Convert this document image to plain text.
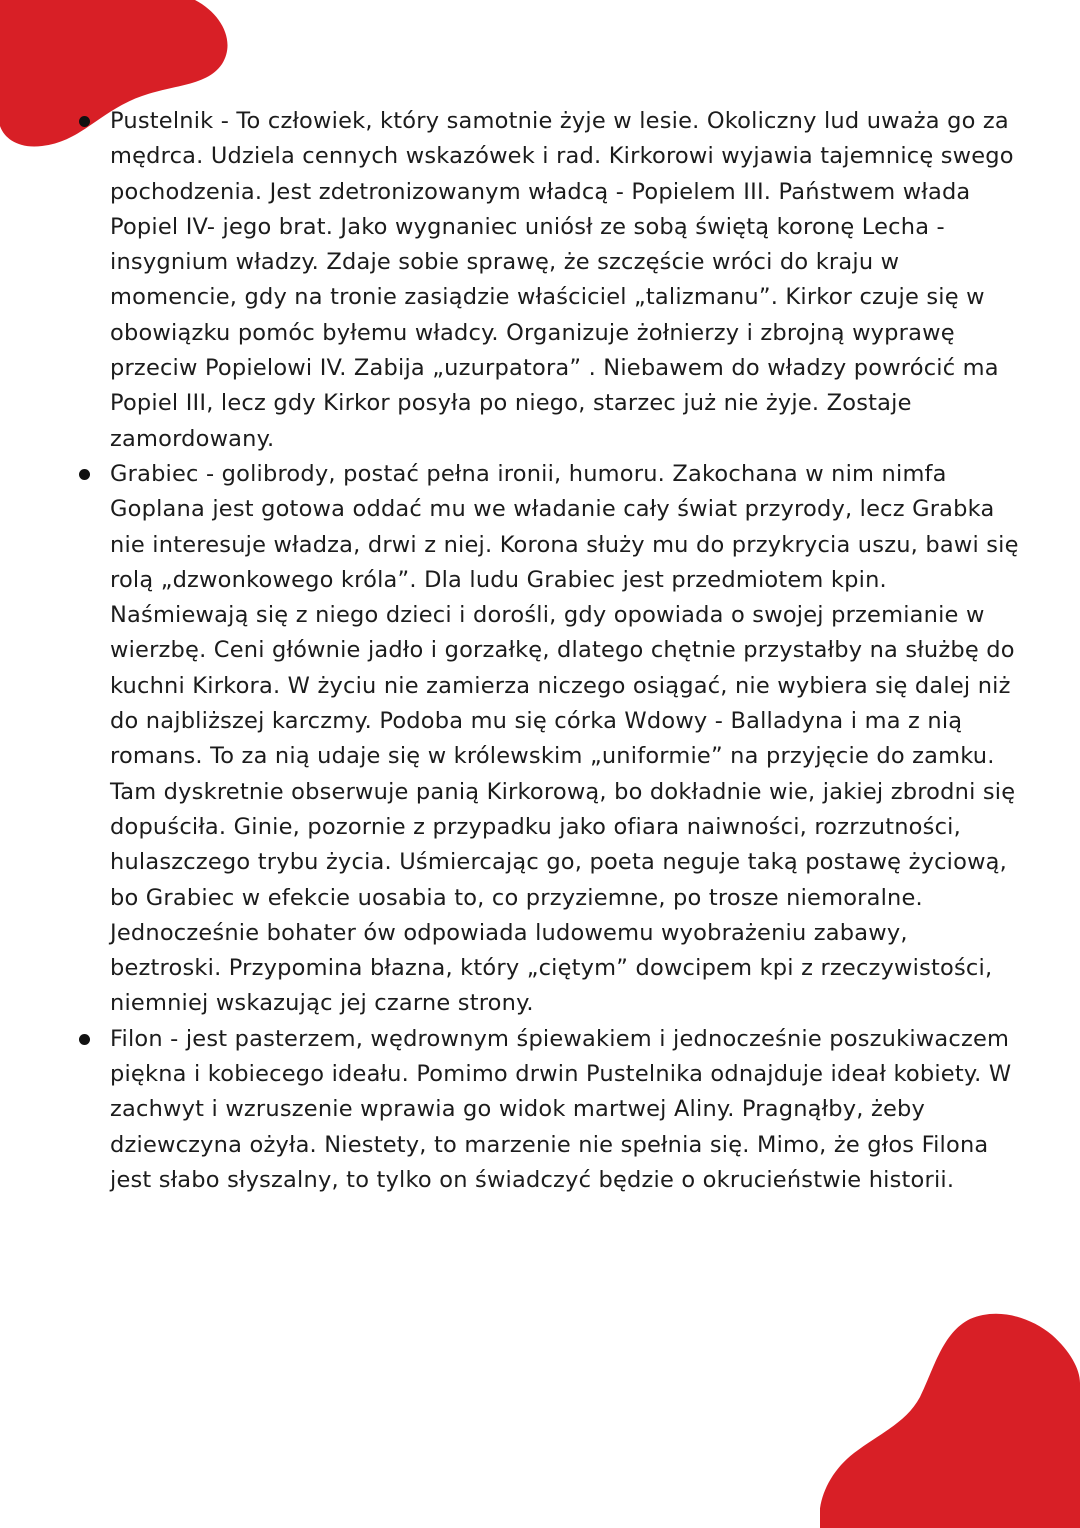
Pustelnik - To człowiek, który samotnie żyje w lesie. Okoliczny lud uważa go za mędrca. Udziela cennych wskazówek i rad. Kirkorowi wyjawia tajemnicę swego pochodzenia. Jest zdetronizowanym władcą - Popielem III. Państwem włada Popiel IV- jego brat. Jako wygnaniec uniósł ze sobą świętą koronę Lecha - insygnium władzy. Zdaje sobie sprawę, że szczęście wróci do kraju w momencie, gdy na tronie zasiądzie właściciel „talizmanu”. Kirkor czuje się w obowiązku pomóc byłemu władcy. Organizuje żołnierzy i zbrojną wyprawę przeciw Popielowi IV. Zabija „uzurpatora” . Niebawem do władzy powrócić ma Popiel III, lecz gdy Kirkor posyła po niego, starzec już nie żyje. Zostaje zamordowany.

Grabiec - golibrody, postać pełna ironii, humoru. Zakochana w nim nimfa Goplana jest gotowa oddać mu we władanie cały świat przyrody, lecz Grabka nie interesuje władza, drwi z niej. Korona służy mu do przykrycia uszu, bawi się rolą „dzwonkowego króla”. Dla ludu Grabiec jest przedmiotem kpin. Naśmiewają się z niego dzieci i dorośli, gdy opowiada o swojej przemianie w wierzbę. Ceni głównie jadło i gorzałkę, dlatego chętnie przystałby na służbę do kuchni Kirkora. W życiu nie zamierza niczego osiągać, nie wybiera się dalej niż do najbliższej karczmy. Podoba mu się córka Wdowy - Balladyna i ma z nią romans. To za nią udaje się w królewskim „uniformie” na przyjęcie do zamku. Tam dyskretnie obserwuje panią Kirkorową, bo dokładnie wie, jakiej zbrodni się dopuściła. Ginie, pozornie z przypadku jako ofiara naiwności, rozrzutności, hulaszczego trybu życia. Uśmiercając go, poeta neguje taką postawę życiową, bo Grabiec w efekcie uosabia to, co przyziemne, po trosze niemoralne. Jednocześnie bohater ów odpowiada ludowemu wyobrażeniu zabawy, beztroski. Przypomina błazna, który „ciętym” dowcipem kpi z rzeczywistości, niemniej wskazując jej czarne strony.

Filon - jest pasterzem, wędrownym śpiewakiem i jednocześnie poszukiwaczem piękna i kobiecego ideału. Pomimo drwin Pustelnika odnajduje ideał kobiety. W zachwyt i wzruszenie wprawia go widok martwej Aliny. Pragnąłby, żeby dziewczyna ożyła. Niestety, to marzenie nie spełnia się. Mimo, że głos Filona jest słabo słyszalny, to tylko on świadczyć będzie o okrucieństwie historii.
